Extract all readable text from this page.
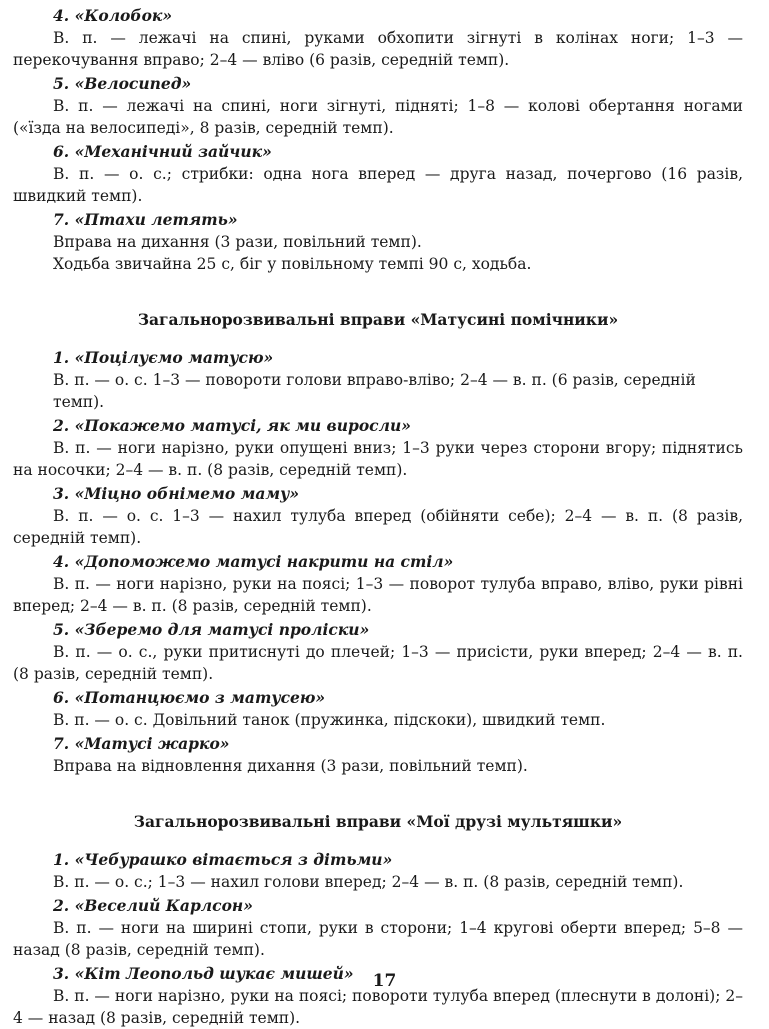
4. «Колобок»
В. п. — лежачі на спині, руками обхопити зігнуті в колінах ноги; 1–3 — перекочування вправо; 2–4 — вліво (6 разів, середній темп).
5. «Велосипед»
В. п. — лежачі на спині, ноги зігнуті, підняті; 1–8 — колові обертання ногами («їзда на велосипеді», 8 разів, середній темп).
6. «Механічний зайчик»
В. п. — о. с.; стрибки: одна нога вперед — друга назад, почергово (16 разів, швидкий темп).
7. «Птахи летять»
Вправа на дихання (3 рази, повільний темп).
Ходьба звичайна 25 с, біг у повільному темпі 90 с, ходьба.
Загальнорозвивальні вправи «Матусині помічники»
1. «Поцілуємо матусю»
В. п. — о. с. 1–3 — повороти голови вправо-вліво; 2–4 — в. п. (6 разів, середній темп).
2. «Покажемо матусі, як ми виросли»
В. п. — ноги нарізно, руки опущені вниз; 1–3 руки через сторони вгору; піднятись на носочки; 2–4 — в. п. (8 разів, середній темп).
3. «Міцно обнімемо маму»
В. п. — о. с. 1–3 — нахил тулуба вперед (обійняти себе); 2–4 — в. п. (8 разів, середній темп).
4. «Допоможемо матусі накрити на стіл»
В. п. — ноги нарізно, руки на поясі; 1–3 — поворот тулуба вправо, вліво, руки рівні вперед; 2–4 — в. п. (8 разів, середній темп).
5. «Зберемо для матусі проліски»
В. п. — о. с., руки притиснуті до плечей; 1–3 — присісти, руки вперед; 2–4 — в. п. (8 разів, середній темп).
6. «Потанцюємо з матусею»
В. п. — о. с. Довільний танок (пружинка, підскоки), швидкий темп.
7. «Матусі жарко»
Вправа на відновлення дихання (3 рази, повільний темп).
Загальнорозвивальні вправи «Мої друзі мультяшки»
1. «Чебурашко вітається з дітьми»
В. п. — о. с.; 1–3 — нахил голови вперед; 2–4 — в. п. (8 разів, середній темп).
2. «Веселий Карлсон»
В. п. — ноги на ширині стопи, руки в сторони; 1–4 кругові оберти вперед; 5–8 — назад (8 разів, середній темп).
3. «Кіт Леопольд шукає мишей»
В. п. — ноги нарізно, руки на поясі; повороти тулуба вперед (плеснути в долоні); 2–4 — назад (8 разів, середній темп).
17
